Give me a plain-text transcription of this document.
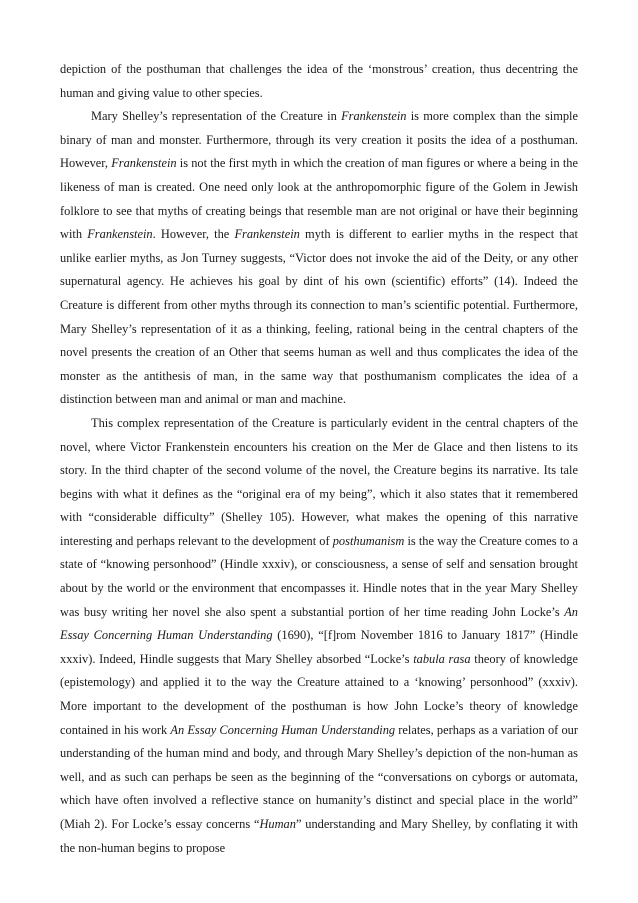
depiction of the posthuman that challenges the idea of the ‘monstrous’ creation, thus decentring the human and giving value to other species.

Mary Shelley’s representation of the Creature in Frankenstein is more complex than the simple binary of man and monster. Furthermore, through its very creation it posits the idea of a posthuman. However, Frankenstein is not the first myth in which the creation of man figures or where a being in the likeness of man is created. One need only look at the anthropomorphic figure of the Golem in Jewish folklore to see that myths of creating beings that resemble man are not original or have their beginning with Frankenstein. However, the Frankenstein myth is different to earlier myths in the respect that unlike earlier myths, as Jon Turney suggests, “Victor does not invoke the aid of the Deity, or any other supernatural agency. He achieves his goal by dint of his own (scientific) efforts” (14). Indeed the Creature is different from other myths through its connection to man’s scientific potential. Furthermore, Mary Shelley’s representation of it as a thinking, feeling, rational being in the central chapters of the novel presents the creation of an Other that seems human as well and thus complicates the idea of the monster as the antithesis of man, in the same way that posthumanism complicates the idea of a distinction between man and animal or man and machine.

This complex representation of the Creature is particularly evident in the central chapters of the novel, where Victor Frankenstein encounters his creation on the Mer de Glace and then listens to its story. In the third chapter of the second volume of the novel, the Creature begins its narrative. Its tale begins with what it defines as the “original era of my being”, which it also states that it remembered with “considerable difficulty” (Shelley 105). However, what makes the opening of this narrative interesting and perhaps relevant to the development of posthumanism is the way the Creature comes to a state of “knowing personhood” (Hindle xxxiv), or consciousness, a sense of self and sensation brought about by the world or the environment that encompasses it. Hindle notes that in the year Mary Shelley was busy writing her novel she also spent a substantial portion of her time reading John Locke’s An Essay Concerning Human Understanding (1690), “[f]rom November 1816 to January 1817” (Hindle xxxiv). Indeed, Hindle suggests that Mary Shelley absorbed “Locke’s tabula rasa theory of knowledge (epistemology) and applied it to the way the Creature attained to a ‘knowing’ personhood” (xxxiv). More important to the development of the posthuman is how John Locke’s theory of knowledge contained in his work An Essay Concerning Human Understanding relates, perhaps as a variation of our understanding of the human mind and body, and through Mary Shelley’s depiction of the non-human as well, and as such can perhaps be seen as the beginning of the “conversations on cyborgs or automata, which have often involved a reflective stance on humanity’s distinct and special place in the world” (Miah 2). For Locke’s essay concerns “Human” understanding and Mary Shelley, by conflating it with the non-human begins to propose
